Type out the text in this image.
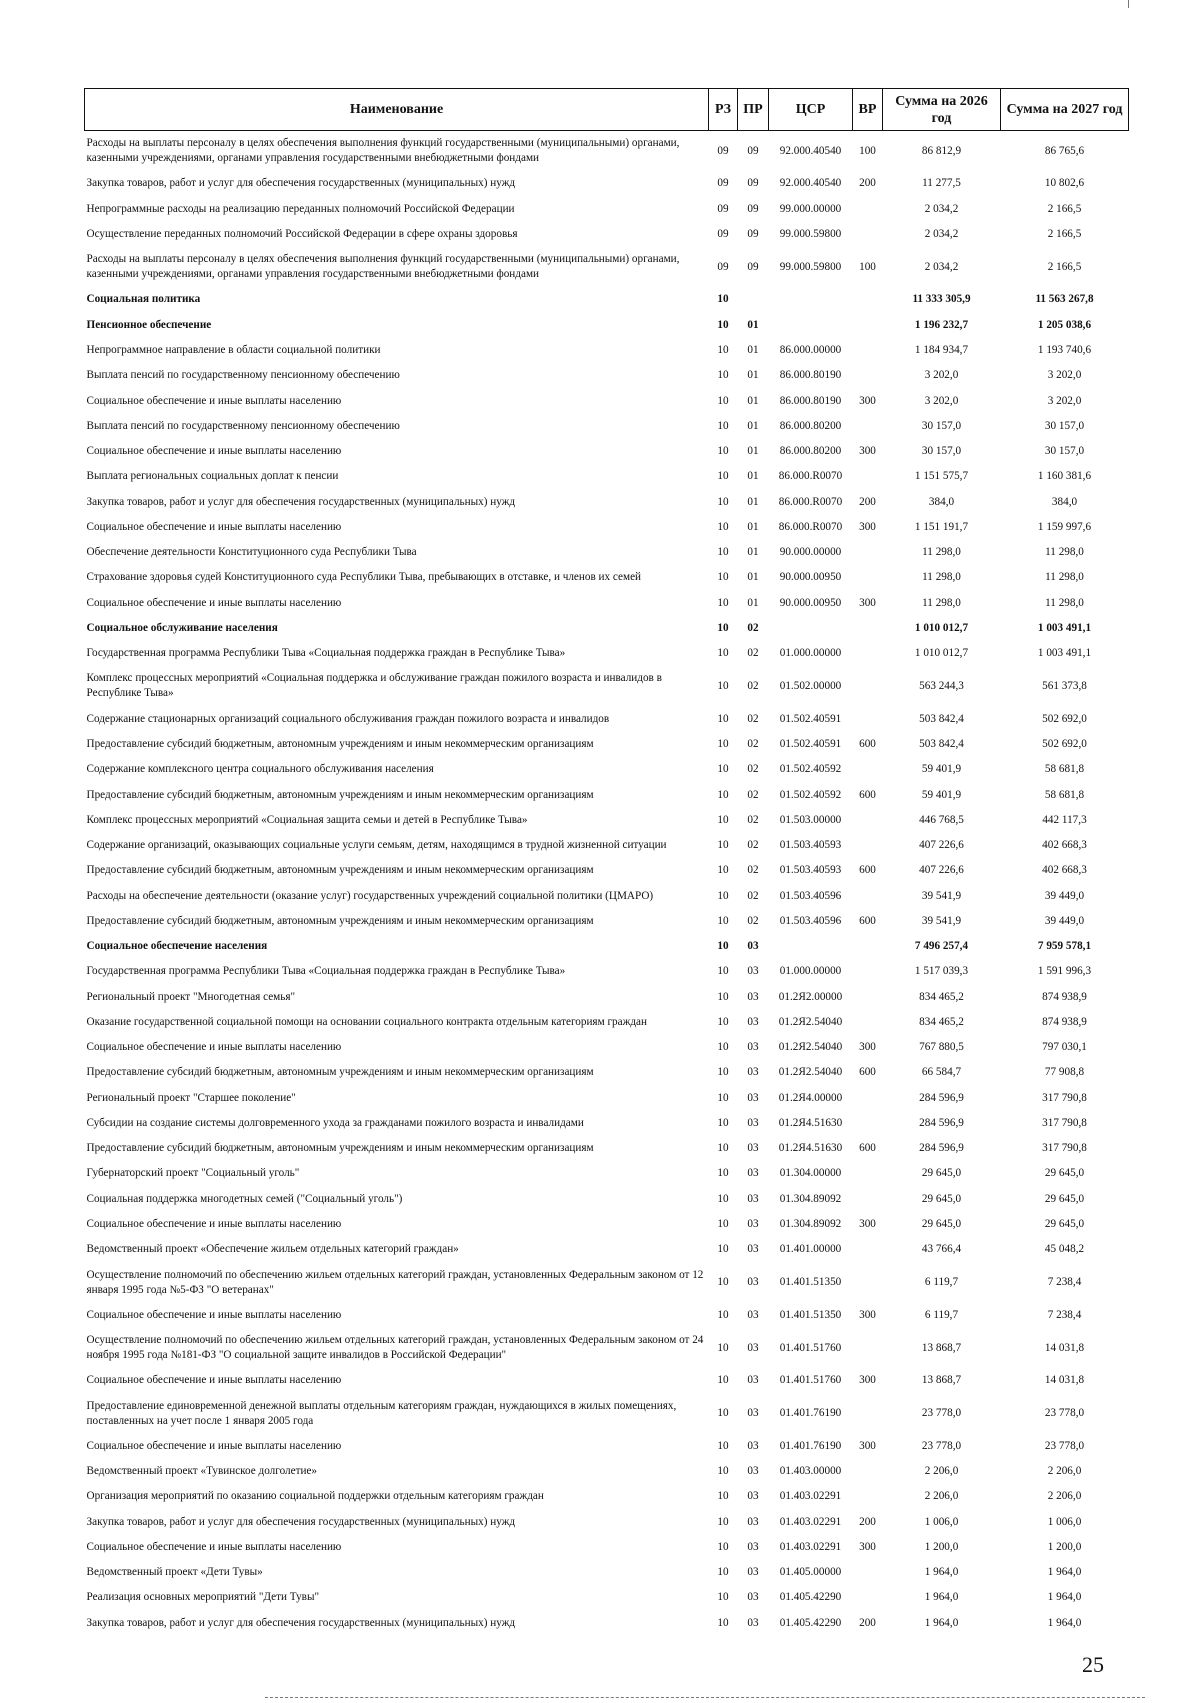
Наименование	РЗ	ПР	ЦСР	ВР	Сумма на 2026 год	Сумма на 2027 год
Расходы на выплаты персоналу в целях обеспечения выполнения функций государственными (муниципальными) органами, казенными учреждениями, органами управления государственными внебюджетными фондами	09	09	92.000.40540	100	86 812,9	86 765,6
Закупка товаров, работ и услуг для обеспечения государственных (муниципальных) нужд	09	09	92.000.40540	200	11 277,5	10 802,6
Непрограммные расходы на реализацию переданных полномочий Российской Федерации	09	09	99.000.00000		2 034,2	2 166,5
Осуществление переданных полномочий Российской Федерации в сфере охраны здоровья	09	09	99.000.59800		2 034,2	2 166,5
Расходы на выплаты персоналу в целях обеспечения выполнения функций государственными (муниципальными) органами, казенными учреждениями, органами управления государственными внебюджетными фондами	09	09	99.000.59800	100	2 034,2	2 166,5
Социальная политика	10				11 333 305,9	11 563 267,8
Пенсионное обеспечение	10	01			1 196 232,7	1 205 038,6
Непрограммное направление в области социальной политики	10	01	86.000.00000		1 184 934,7	1 193 740,6
Выплата пенсий по государственному пенсионному обеспечению	10	01	86.000.80190		3 202,0	3 202,0
Социальное обеспечение и иные выплаты населению	10	01	86.000.80190	300	3 202,0	3 202,0
Выплата пенсий по государственному пенсионному обеспечению	10	01	86.000.80200		30 157,0	30 157,0
Социальное обеспечение и иные выплаты населению	10	01	86.000.80200	300	30 157,0	30 157,0
Выплата региональных социальных доплат к пенсии	10	01	86.000.R0070		1 151 575,7	1 160 381,6
Закупка товаров, работ и услуг для обеспечения государственных (муниципальных) нужд	10	01	86.000.R0070	200	384,0	384,0
Социальное обеспечение и иные выплаты населению	10	01	86.000.R0070	300	1 151 191,7	1 159 997,6
Обеспечение деятельности Конституционного суда Республики Тыва	10	01	90.000.00000		11 298,0	11 298,0
Страхование здоровья судей Конституционного суда Республики Тыва, пребывающих в отставке, и членов их семей	10	01	90.000.00950		11 298,0	11 298,0
Социальное обеспечение и иные выплаты населению	10	01	90.000.00950	300	11 298,0	11 298,0
Социальное обслуживание населения	10	02			1 010 012,7	1 003 491,1
Государственная программа Республики Тыва «Социальная поддержка граждан в Республике Тыва»	10	02	01.000.00000		1 010 012,7	1 003 491,1
Комплекс процессных мероприятий «Социальная поддержка и обслуживание граждан пожилого возраста и инвалидов в Республике Тыва»	10	02	01.502.00000		563 244,3	561 373,8
Содержание стационарных организаций социального обслуживания граждан пожилого возраста и инвалидов	10	02	01.502.40591		503 842,4	502 692,0
Предоставление субсидий бюджетным, автономным учреждениям и иным некоммерческим организациям	10	02	01.502.40591	600	503 842,4	502 692,0
Содержание комплексного центра социального обслуживания населения	10	02	01.502.40592		59 401,9	58 681,8
Предоставление субсидий бюджетным, автономным учреждениям и иным некоммерческим организациям	10	02	01.502.40592	600	59 401,9	58 681,8
Комплекс процессных мероприятий «Социальная защита семьи и детей в Республике Тыва»	10	02	01.503.00000		446 768,5	442 117,3
Содержание организаций, оказывающих социальные услуги семьям, детям, находящимся в трудной жизненной ситуации	10	02	01.503.40593		407 226,6	402 668,3
Предоставление субсидий бюджетным, автономным учреждениям и иным некоммерческим организациям	10	02	01.503.40593	600	407 226,6	402 668,3
Расходы на обеспечение деятельности (оказание услуг) государственных учреждений социальной политики (ЦМАРО)	10	02	01.503.40596		39 541,9	39 449,0
Предоставление субсидий бюджетным, автономным учреждениям и иным некоммерческим организациям	10	02	01.503.40596	600	39 541,9	39 449,0
Социальное обеспечение населения	10	03			7 496 257,4	7 959 578,1
Государственная программа Республики Тыва «Социальная поддержка граждан в Республике Тыва»	10	03	01.000.00000		1 517 039,3	1 591 996,3
Региональный проект "Многодетная семья"	10	03	01.2Я2.00000		834 465,2	874 938,9
Оказание государственной социальной помощи на основании социального контракта отдельным категориям граждан	10	03	01.2Я2.54040		834 465,2	874 938,9
Социальное обеспечение и иные выплаты населению	10	03	01.2Я2.54040	300	767 880,5	797 030,1
Предоставление субсидий бюджетным, автономным учреждениям и иным некоммерческим организациям	10	03	01.2Я2.54040	600	66 584,7	77 908,8
Региональный проект "Старшее поколение"	10	03	01.2Я4.00000		284 596,9	317 790,8
Субсидии на создание системы долговременного ухода за гражданами пожилого возраста и инвалидами	10	03	01.2Я4.51630		284 596,9	317 790,8
Предоставление субсидий бюджетным, автономным учреждениям и иным некоммерческим организациям	10	03	01.2Я4.51630	600	284 596,9	317 790,8
Губернаторский проект "Социальный уголь"	10	03	01.304.00000		29 645,0	29 645,0
Социальная поддержка многодетных семей ("Социальный уголь")	10	03	01.304.89092		29 645,0	29 645,0
Социальное обеспечение и иные выплаты населению	10	03	01.304.89092	300	29 645,0	29 645,0
Ведомственный проект «Обеспечение жильем отдельных категорий граждан»	10	03	01.401.00000		43 766,4	45 048,2
Осуществление полномочий по обеспечению жильем отдельных категорий граждан, установленных Федеральным законом от 12 января 1995 года №5-ФЗ "О ветеранах"	10	03	01.401.51350		6 119,7	7 238,4
Социальное обеспечение и иные выплаты населению	10	03	01.401.51350	300	6 119,7	7 238,4
Осуществление полномочий по обеспечению жильем отдельных категорий граждан, установленных Федеральным законом от 24 ноября 1995 года №181-ФЗ "О социальной защите инвалидов в Российской Федерации"	10	03	01.401.51760		13 868,7	14 031,8
Социальное обеспечение и иные выплаты населению	10	03	01.401.51760	300	13 868,7	14 031,8
Предоставление единовременной денежной выплаты отдельным категориям граждан, нуждающихся в жилых помещениях, поставленных на учет после 1 января 2005 года	10	03	01.401.76190		23 778,0	23 778,0
Социальное обеспечение и иные выплаты населению	10	03	01.401.76190	300	23 778,0	23 778,0
Ведомственный проект «Тувинское долголетие»	10	03	01.403.00000		2 206,0	2 206,0
Организация мероприятий по оказанию социальной поддержки отдельным категориям граждан	10	03	01.403.02291		2 206,0	2 206,0
Закупка товаров, работ и услуг для обеспечения государственных (муниципальных) нужд	10	03	01.403.02291	200	1 006,0	1 006,0
Социальное обеспечение и иные выплаты населению	10	03	01.403.02291	300	1 200,0	1 200,0
Ведомственный проект «Дети Тувы»	10	03	01.405.00000		1 964,0	1 964,0
Реализация основных мероприятий "Дети Тувы"	10	03	01.405.42290		1 964,0	1 964,0
Закупка товаров, работ и услуг для обеспечения государственных (муниципальных) нужд	10	03	01.405.42290	200	1 964,0	1 964,0
25
